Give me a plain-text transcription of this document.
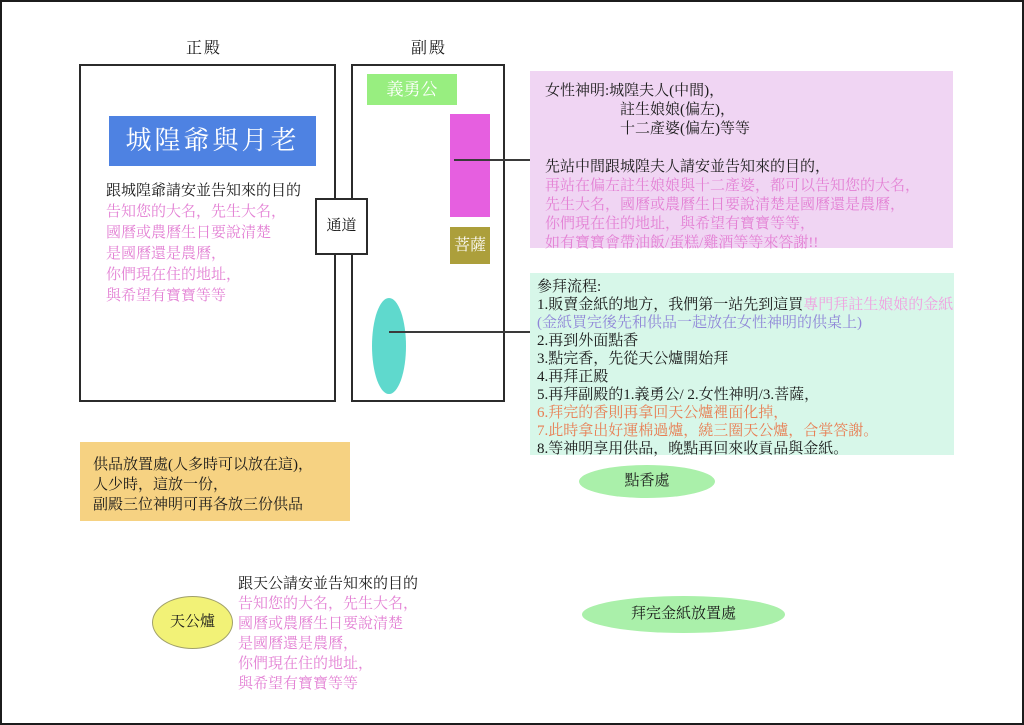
正殿	副殿
城隍爺與月老
跟城隍爺請安並告知來的目的
告知您的大名，先生大名，
國曆或農曆生日要說清楚
是國曆還是農曆，
你們現在住的地址，
與希望有寶寶等等
通道
義勇公
菩薩
女性神明:城隍夫人(中間)，
註生娘娘(偏左)，
十二產婆(偏左)等等
先站中間跟城隍夫人請安並告知來的目的，
再站在偏左註生娘娘與十二產婆，都可以告知您的大名，
先生大名，國曆或農曆生日要說清楚是國曆還是農曆，
你們現在住的地址，與希望有寶寶等等，
如有寶寶會帶油飯/蛋糕/雞酒等等來答謝!!
參拜流程:
1.販賣金紙的地方，我們第一站先到這買專門拜註生娘娘的金紙
(金紙買完後先和供品一起放在女性神明的供桌上)
2.再到外面點香
3.點完香，先從天公爐開始拜
4.再拜正殿
5.再拜副殿的1.義勇公/ 2.女性神明/3.菩薩，
6.拜完的香則再拿回天公爐裡面化掉，
7.此時拿出好運棉過爐，繞三圈天公爐，合掌答謝。
8.等神明享用供品，晚點再回來收貢品與金紙。
供品放置處(人多時可以放在這)，
人少時，這放一份，
副殿三位神明可再各放三份供品
點香處
拜完金紙放置處
天公爐
跟天公請安並告知來的目的
告知您的大名，先生大名，
國曆或農曆生日要說清楚
是國曆還是農曆，
你們現在住的地址，
與希望有寶寶等等
